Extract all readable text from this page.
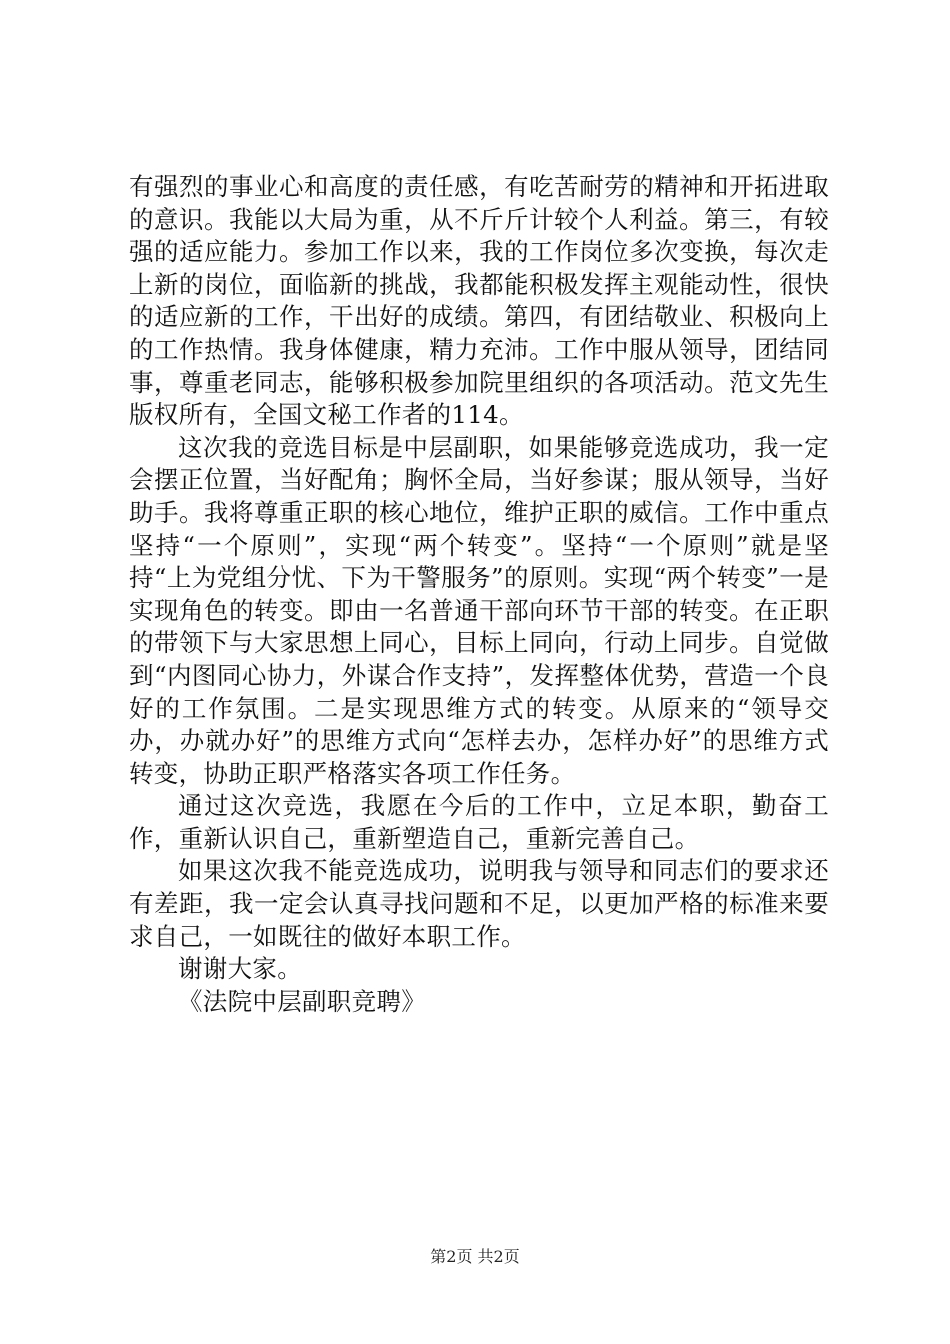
有强烈的事业心和高度的责任感，有吃苦耐劳的精神和开拓进取的意识。我能以大局为重，从不斤斤计较个人利益。第三，有较强的适应能力。参加工作以来，我的工作岗位多次变换，每次走上新的岗位，面临新的挑战，我都能积极发挥主观能动性，很快的适应新的工作，干出好的成绩。第四，有团结敬业、积极向上的工作热情。我身体健康，精力充沛。工作中服从领导，团结同事，尊重老同志，能够积极参加院里组织的各项活动。范文先生版权所有，全国文秘工作者的114。

这次我的竞选目标是中层副职，如果能够竞选成功，我一定会摆正位置，当好配角；胸怀全局，当好参谋；服从领导，当好助手。我将尊重正职的核心地位，维护正职的威信。工作中重点坚持“一个原则”，实现“两个转变”。坚持“一个原则”就是坚持“上为党组分忧、下为干警服务”的原则。实现“两个转变”一是实现角色的转变。即由一名普通干部向环节干部的转变。在正职的带领下与大家思想上同心，目标上同向，行动上同步。自觉做到“内图同心协力，外谋合作支持”，发挥整体优势，营造一个良好的工作氛围。二是实现思维方式的转变。从原来的“领导交办，办就办好”的思维方式向“怎样去办，怎样办好”的思维方式转变，协助正职严格落实各项工作任务。

通过这次竞选，我愿在今后的工作中，立足本职，勤奋工作，重新认识自己，重新塑造自己，重新完善自己。

如果这次我不能竞选成功，说明我与领导和同志们的要求还有差距，我一定会认真寻找问题和不足，以更加严格的标准来要求自己，一如既往的做好本职工作。

谢谢大家。

《法院中层副职竞聘》

第2页 共2页
